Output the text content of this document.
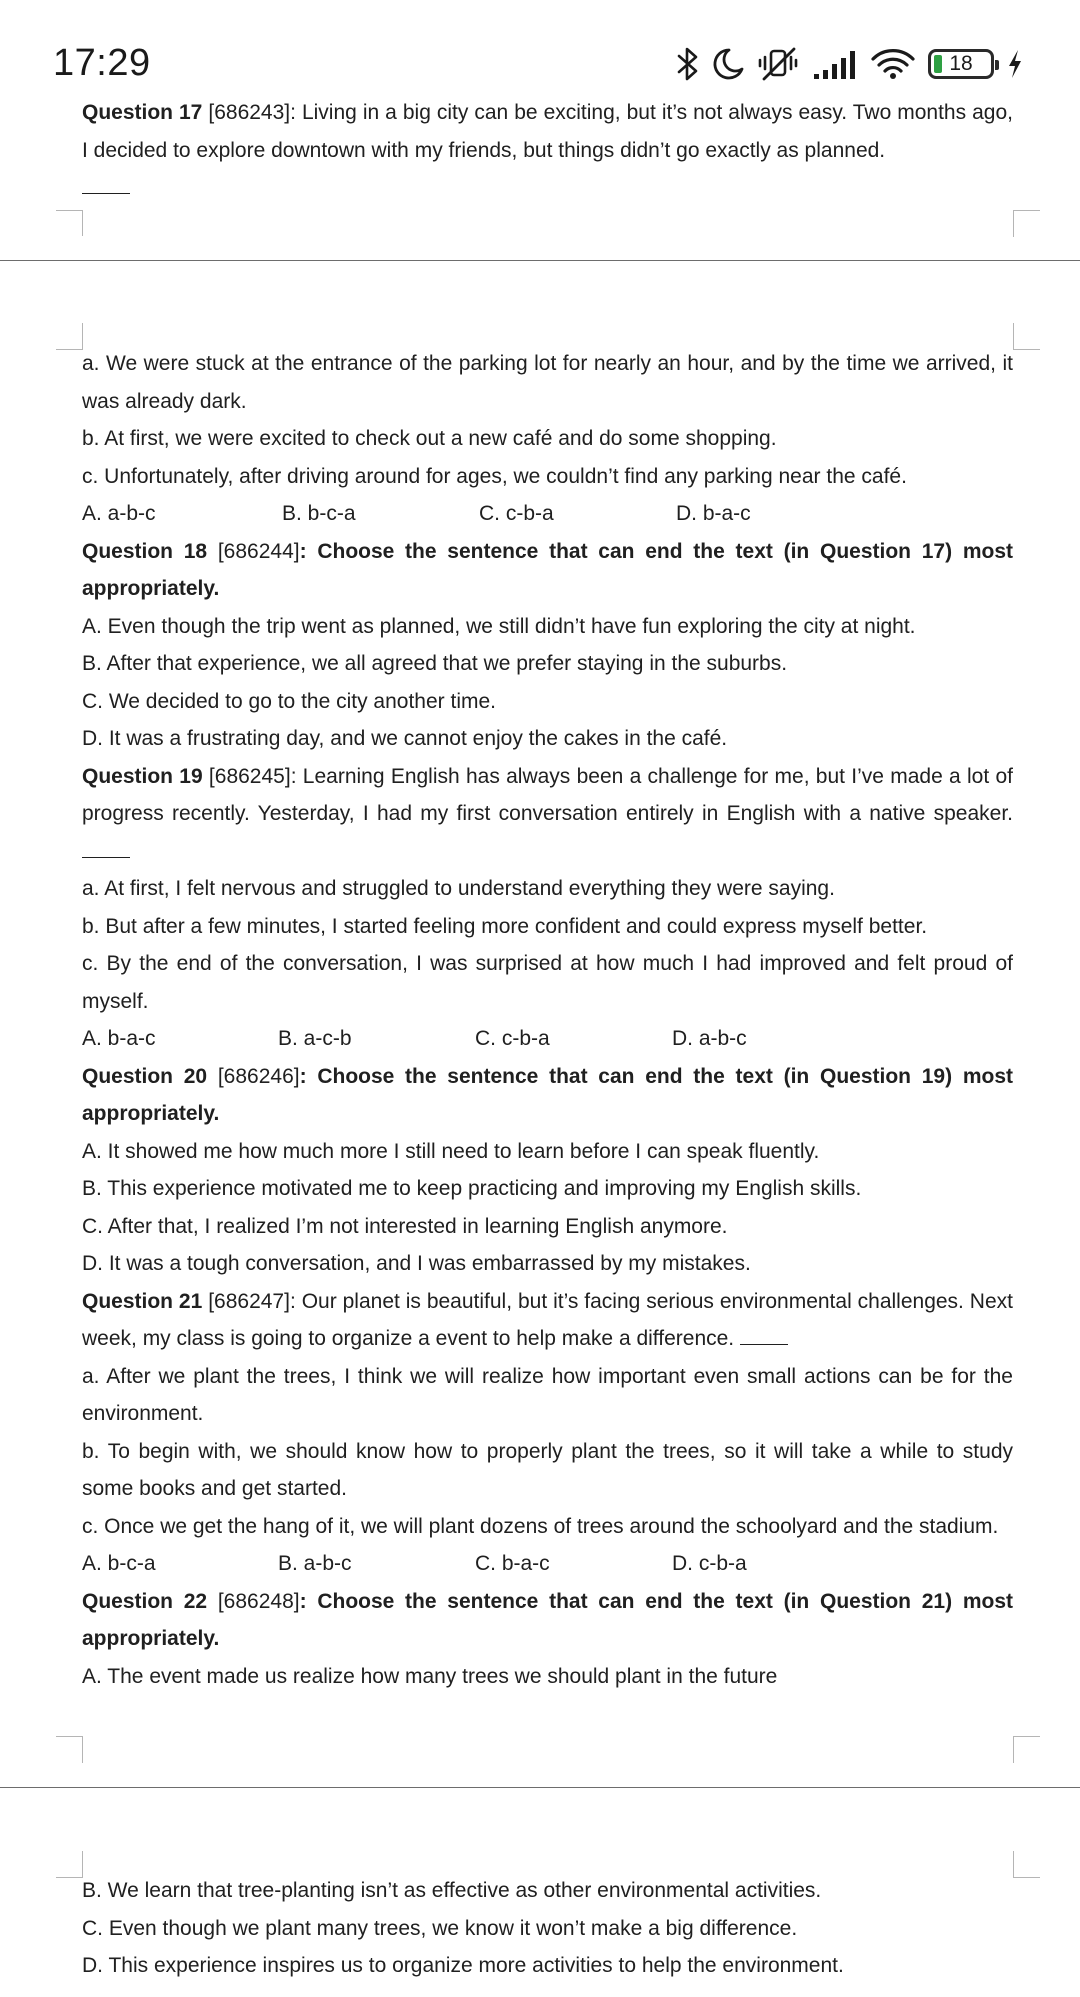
17:29	18

Question 17 [686243]: Living in a big city can be exciting, but it’s not always easy. Two months ago, I decided to explore downtown with my friends, but things didn’t go exactly as planned.

a. We were stuck at the entrance of the parking lot for nearly an hour, and by the time we arrived, it was already dark.

b. At first, we were excited to check out a new café and do some shopping.

c. Unfortunately, after driving around for ages, we couldn’t find any parking near the café.

A. a-b-c	B. b-c-a	C. c-b-a	D. b-a-c

Question 18 [686244]: Choose the sentence that can end the text (in Question 17) most appropriately.

A. Even though the trip went as planned, we still didn’t have fun exploring the city at night.

B. After that experience, we all agreed that we prefer staying in the suburbs.

C. We decided to go to the city another time.

D. It was a frustrating day, and we cannot enjoy the cakes in the café.

Question 19 [686245]: Learning English has always been a challenge for me, but I’ve made a lot of progress recently. Yesterday, I had my first conversation entirely in English with a native speaker.

a. At first, I felt nervous and struggled to understand everything they were saying.

b. But after a few minutes, I started feeling more confident and could express myself better.

c. By the end of the conversation, I was surprised at how much I had improved and felt proud of myself.

A. b-a-c	B. a-c-b	C. c-b-a	D. a-b-c

Question 20 [686246]: Choose the sentence that can end the text (in Question 19) most appropriately.

A. It showed me how much more I still need to learn before I can speak fluently.

B. This experience motivated me to keep practicing and improving my English skills.

C. After that, I realized I’m not interested in learning English anymore.

D. It was a tough conversation, and I was embarrassed by my mistakes.

Question 21 [686247]: Our planet is beautiful, but it’s facing serious environmental challenges. Next week, my class is going to organize a event to help make a difference.

a. After we plant the trees, I think we will realize how important even small actions can be for the environment.

b. To begin with, we should know how to properly plant the trees, so it will take a while to study some books and get started.

c. Once we get the hang of it, we will plant dozens of trees around the schoolyard and the stadium.

A. b-c-a	B. a-b-c	C. b-a-c	D. c-b-a

Question 22 [686248]: Choose the sentence that can end the text (in Question 21) most appropriately.

A. The event made us realize how many trees we should plant in the future

B. We learn that tree-planting isn’t as effective as other environmental activities.

C. Even though we plant many trees, we know it won’t make a big difference.

D. This experience inspires us to organize more activities to help the environment.
